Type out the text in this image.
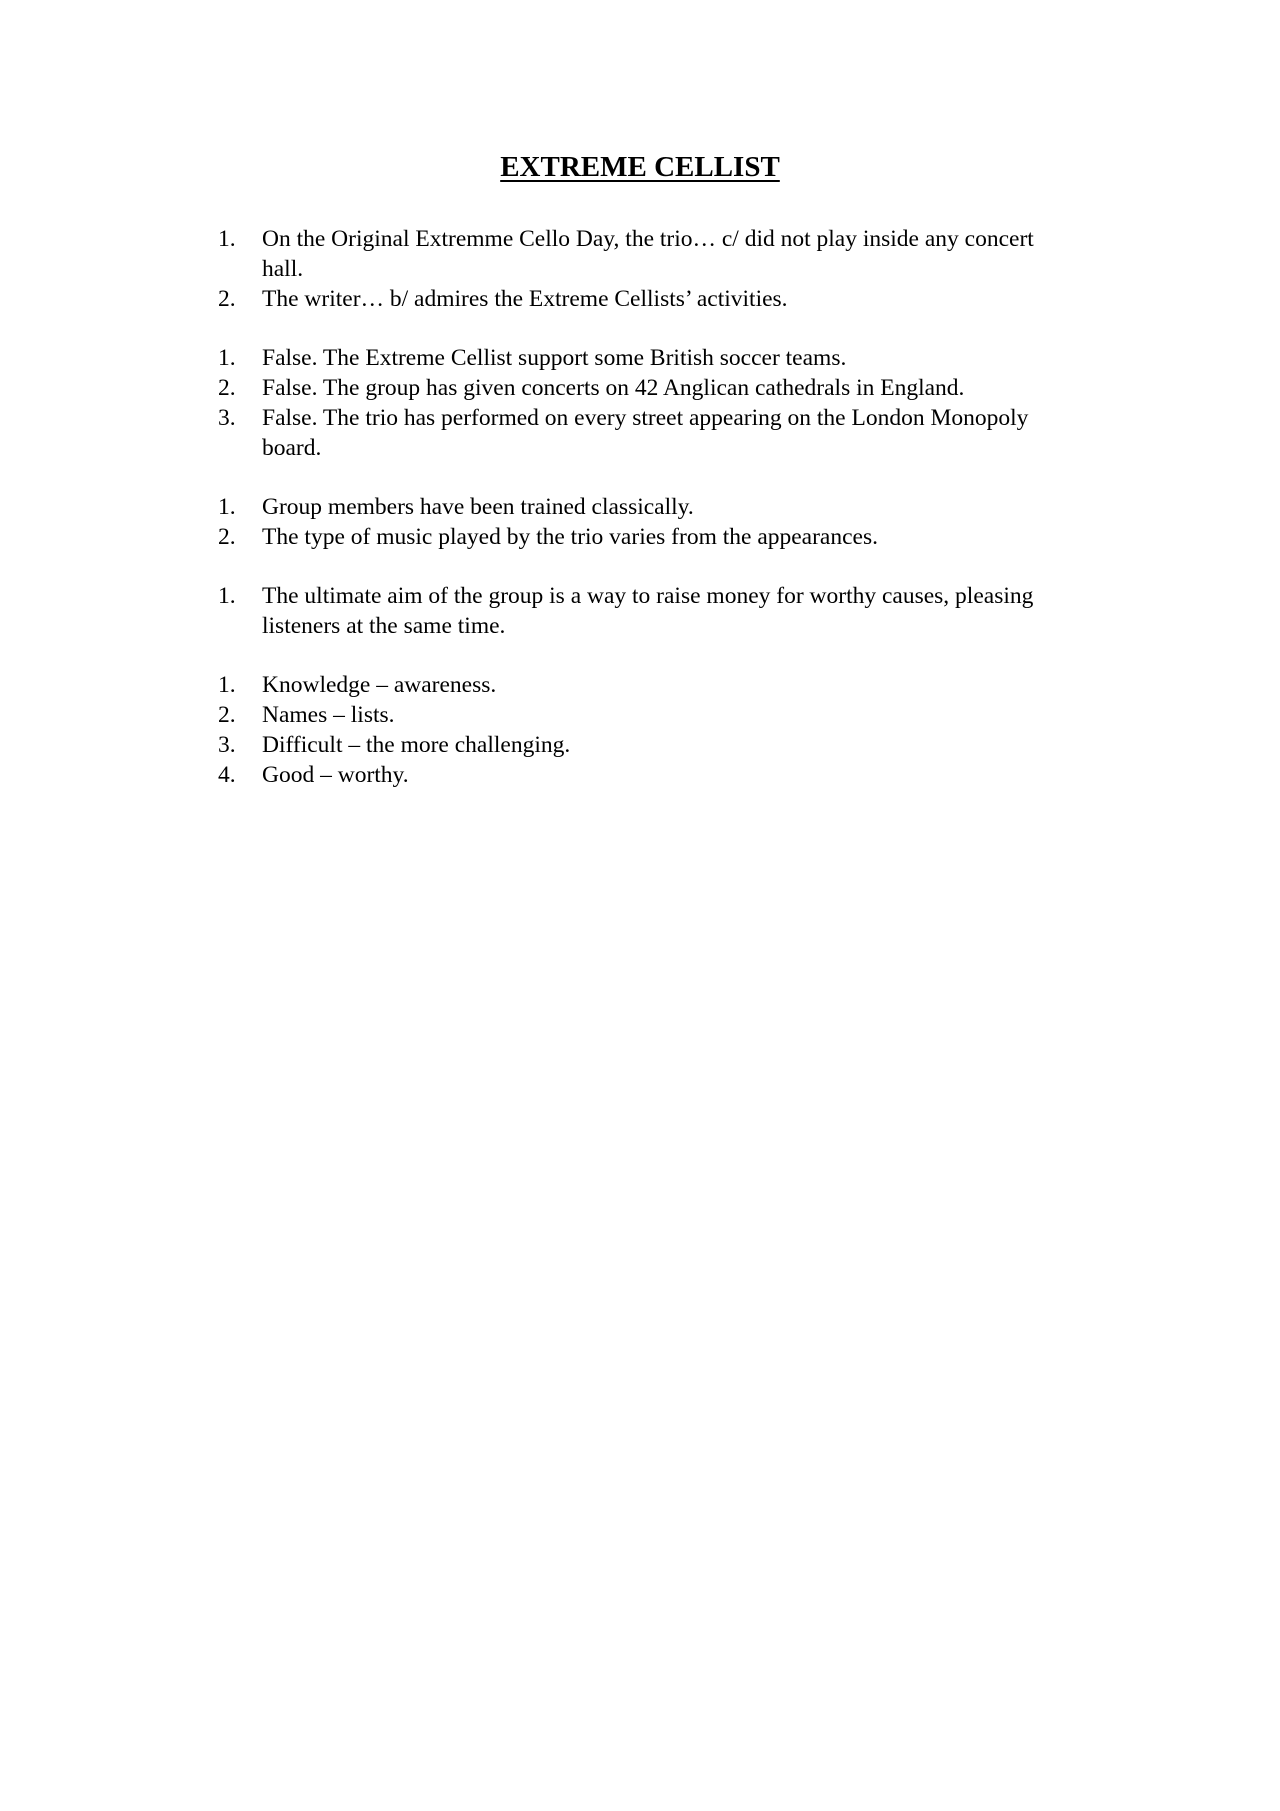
EXTREME CELLIST
1.	On the Original Extremme Cello Day, the trio… c/ did not play inside any concert hall.
2.	The writer… b/ admires the Extreme Cellists’ activities.
1.	False. The Extreme Cellist support some British soccer teams.
2.	False. The group has given concerts on 42 Anglican cathedrals in England.
3.	False. The trio has performed on every street appearing on the London Monopoly board.
1.	Group members have been trained classically.
2.	The type of music played by the trio varies from the appearances.
1.	The ultimate aim of the group is a way to raise money for worthy causes, pleasing listeners at the same time.
1.	Knowledge – awareness.
2.	Names – lists.
3.	Difficult – the more challenging.
4.	Good – worthy.
